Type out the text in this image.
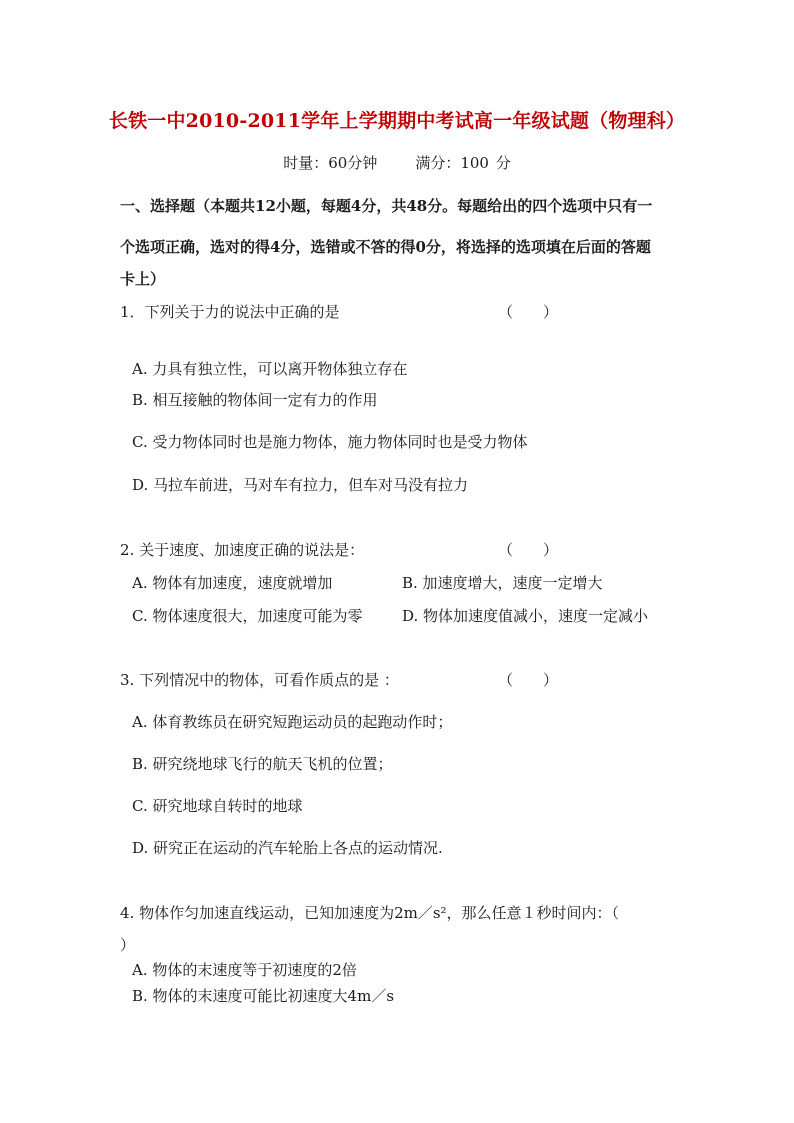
长铁一中2010-2011学年上学期期中考试高一年级试题（物理科）
时量：60分钟	满分：100 分
一、选择题（本题共12小题，每题4分，共48分。每题给出的四个选项中只有一
个选项正确，选对的得4分，选错或不答的得0分，将选择的选项填在后面的答题
卡上）
1．下列关于力的说法中正确的是	（　　）
A. 力具有独立性，可以离开物体独立存在
B. 相互接触的物体间一定有力的作用
C. 受力物体同时也是施力物体，施力物体同时也是受力物体
D. 马拉车前进，马对车有拉力，但车对马没有拉力
2. 关于速度、加速度正确的说法是：	（　　）
A. 物体有加速度，速度就增加	B. 加速度增大，速度一定增大
C. 物体速度很大，加速度可能为零	D. 物体加速度值减小，速度一定减小
3. 下列情况中的物体，可看作质点的是 ：	（　　）
A. 体育教练员在研究短跑运动员的起跑动作时；
B. 研究绕地球飞行的航天飞机的位置；
C. 研究地球自转时的地球
D. 研究正在运动的汽车轮胎上各点的运动情况.
4. 物体作匀加速直线运动，已知加速度为2m／s²，那么任意１秒时间内：（
）
A. 物体的末速度等于初速度的2倍
B. 物体的末速度可能比初速度大4m／s
